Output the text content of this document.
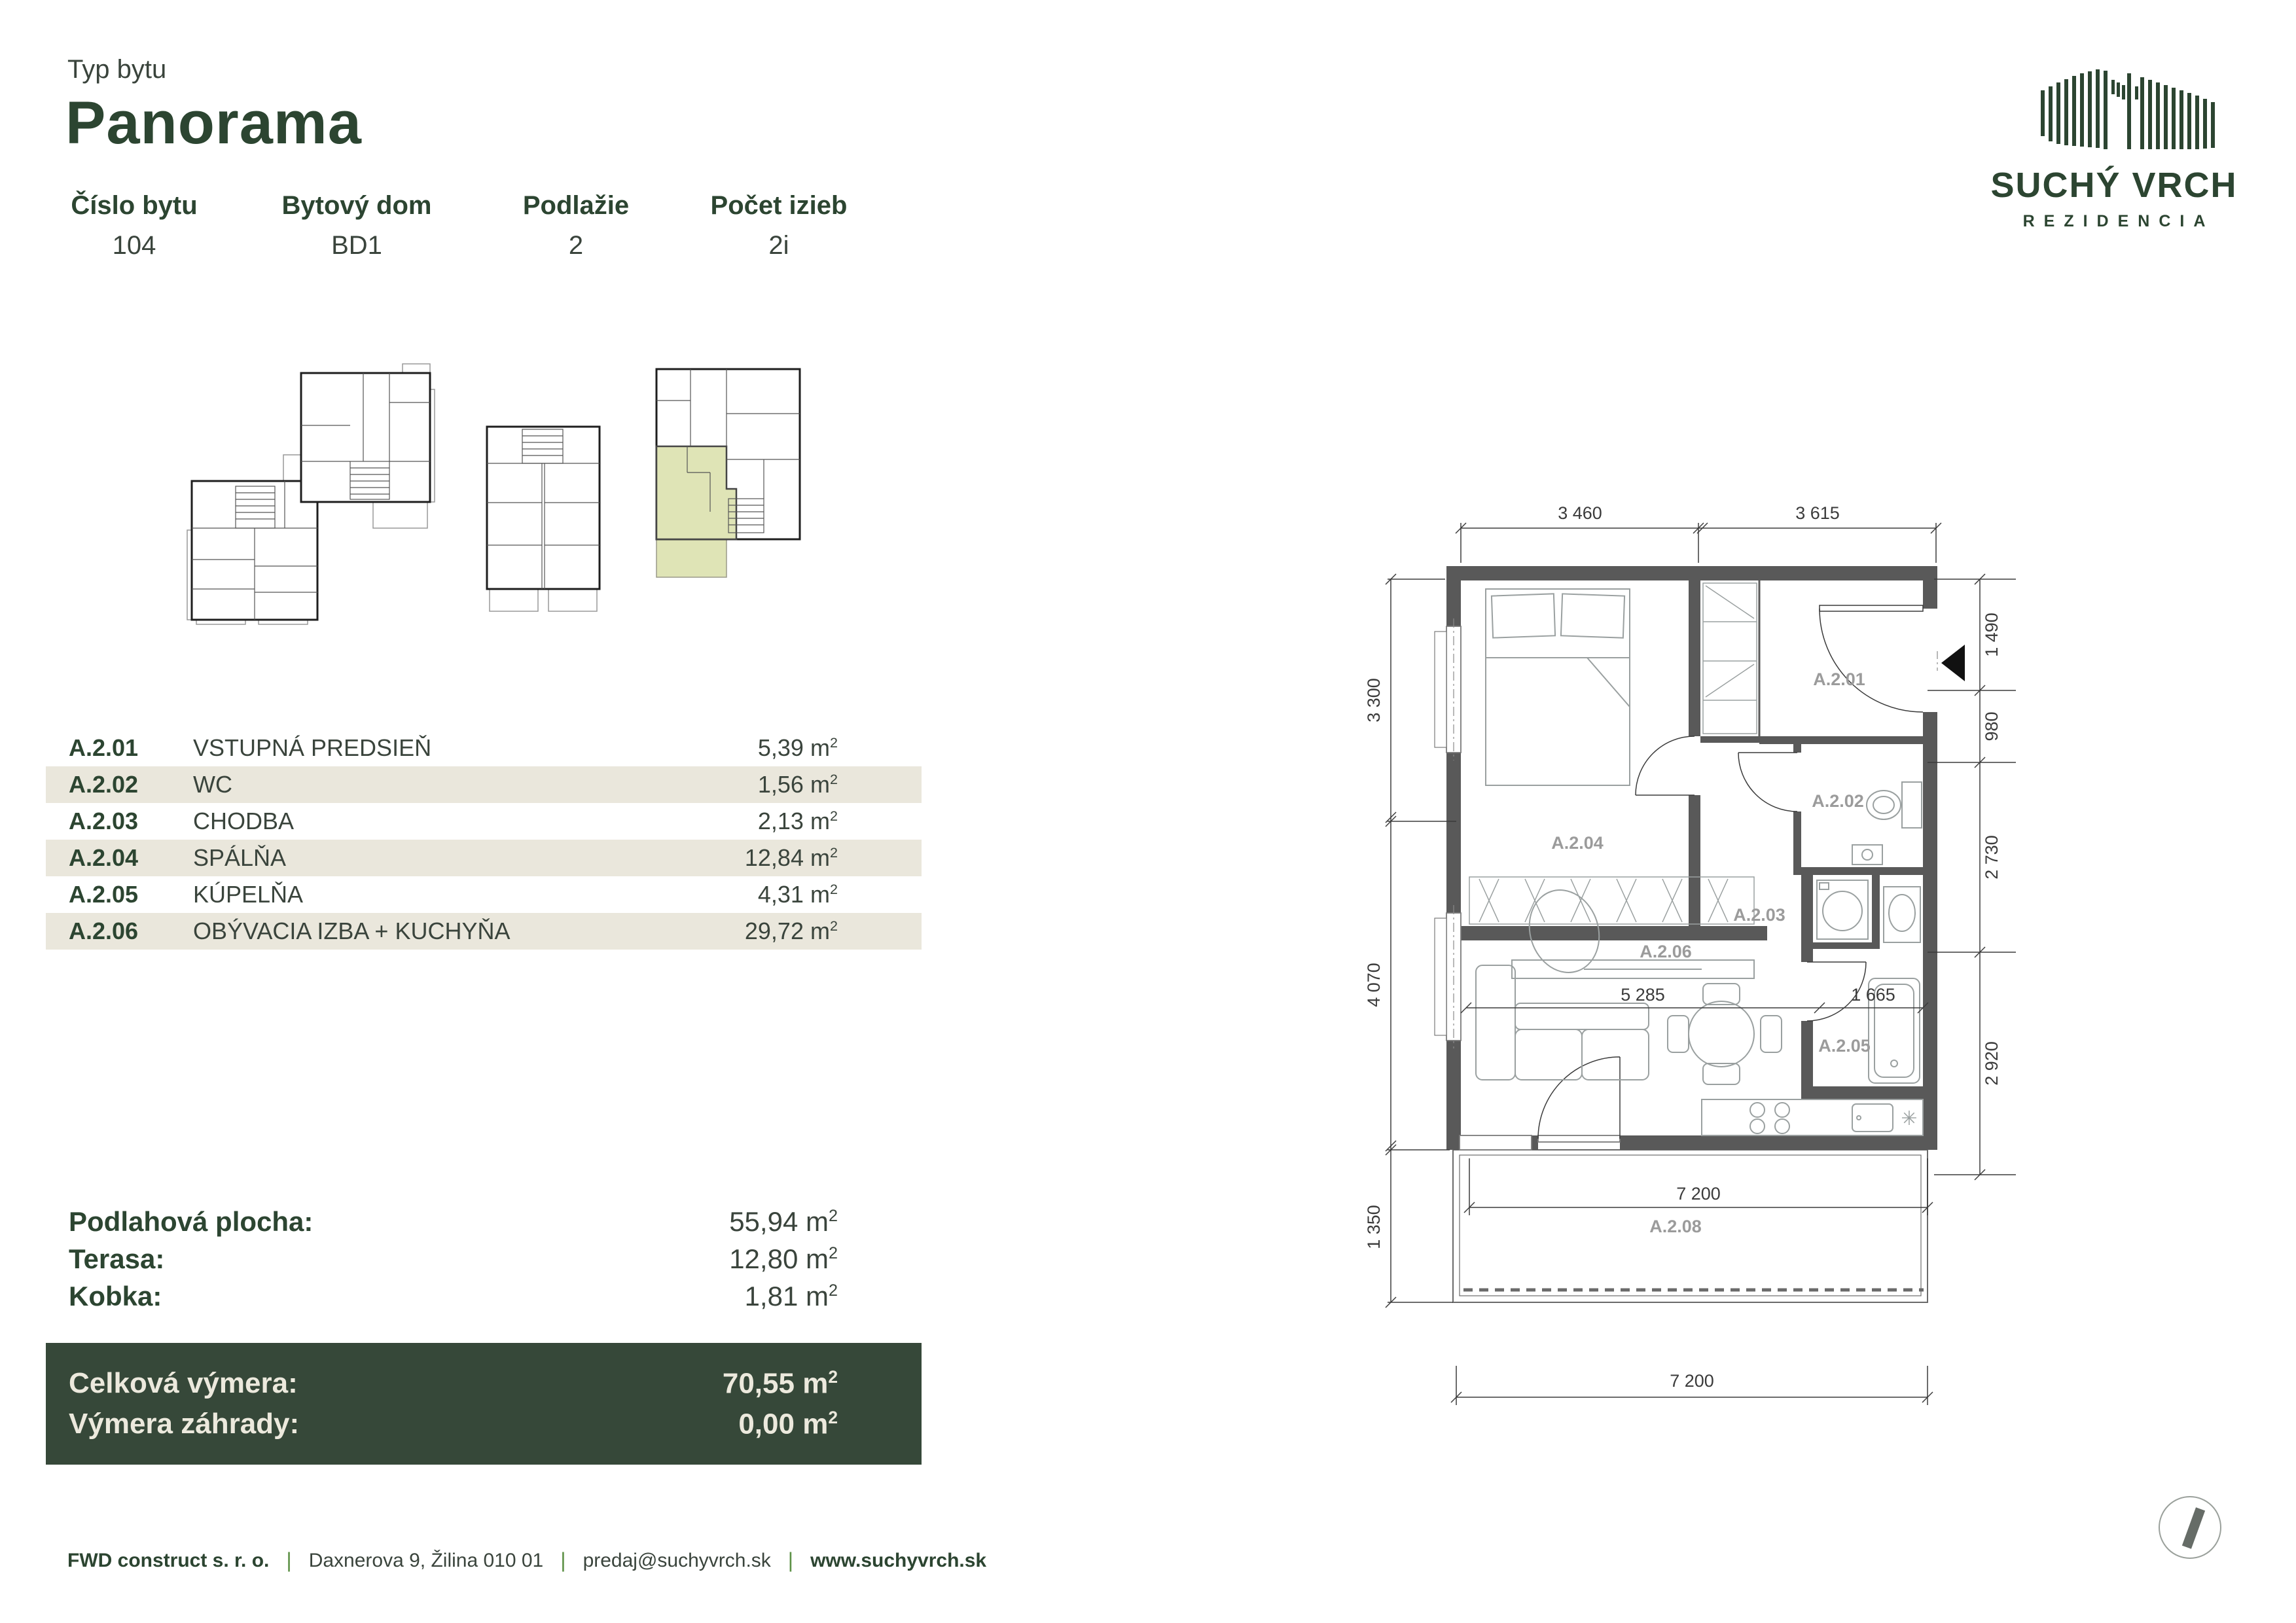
Typ bytu
Panorama
Číslo bytu
104
Bytový dom
BD1
Podlažie
2
Počet izieb
2i
A.2.01	VSTUPNÁ PREDSIEŇ	5,39 $m^2$
A.2.02	WC	1,56 $m^2$
A.2.03	CHODBA	2,13 $m^2$
A.2.04	SPÁLŇA	12,84 $m^2$
A.2.05	KÚPELŇA	4,31 $m^2$
A.2.06	OBÝVACIA IZBA + KUCHYŇA	29,72 $m^2$
Podlahová plocha:	55,94 $m^2$
Terasa:	12,80 $m^2$
Kobka:	1,81 $m^2$
Celková výmera:	70,55 $m^2$
Výmera záhrady:	0,00 $m^2$
FWD construct s. r. o. | Daxnerova 9, Žilina 010 01 | predaj@suchyvrch.sk | www.suchyvrch.sk
SUCHÝ VRCH
REZIDENCIA
✳
A.2.01
A.2.02
A.2.03
A.2.04
A.2.05
A.2.06
A.2.08
3 460	3 615
3 300
4 070
1 350
1 490
980
2 730
2 920
5 285	1 665
7 200
7 200
